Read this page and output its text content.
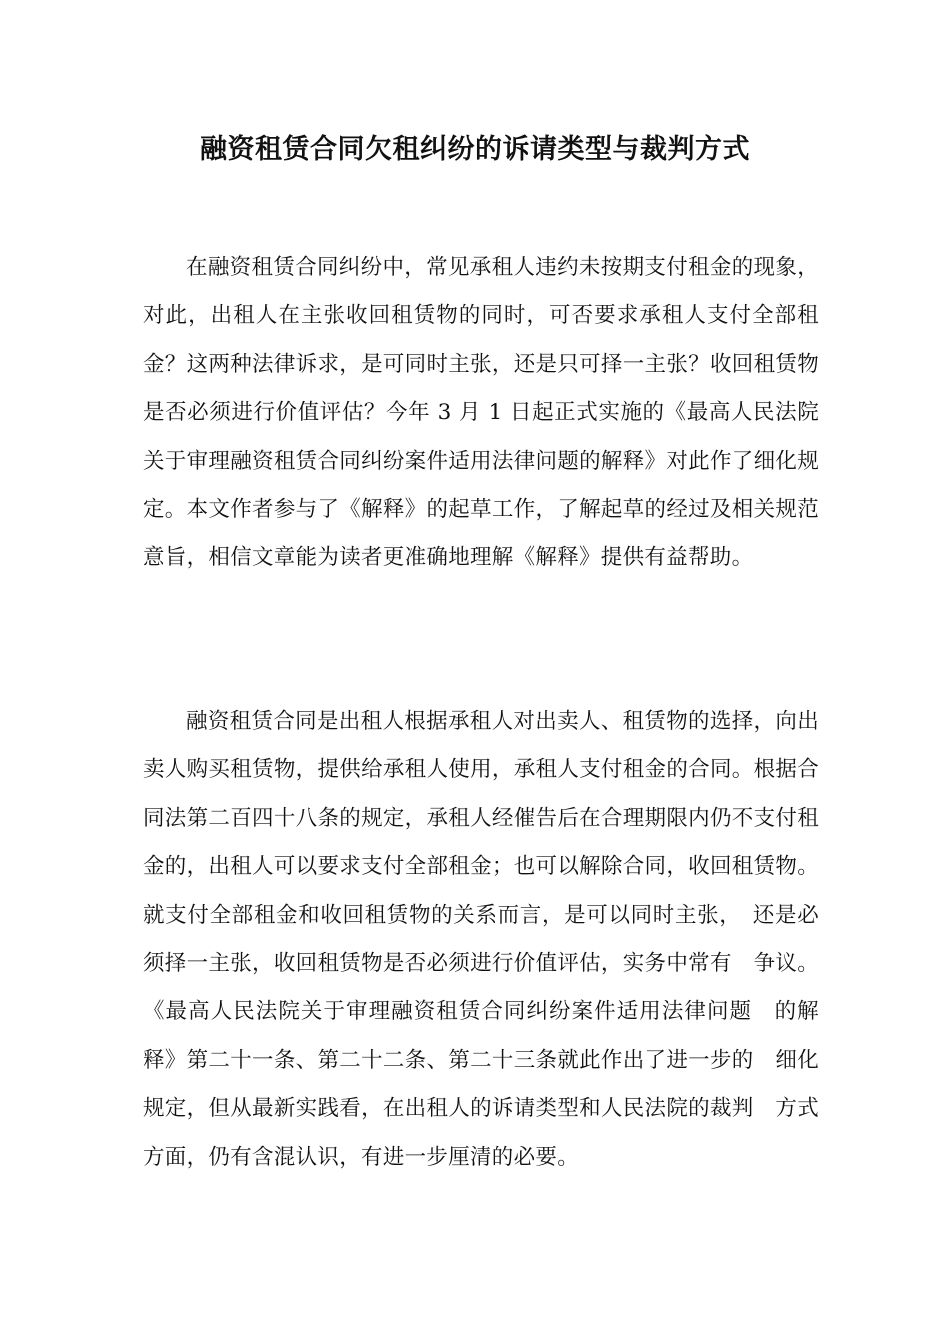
融资租赁合同欠租纠纷的诉请类型与裁判方式

在融资租赁合同纠纷中，常见承租人违约未按期支付租金的现象，对此，出租人在主张收回租赁物的同时，可否要求承租人支付全部租金？这两种法律诉求，是可同时主张，还是只可择一主张？收回租赁物是否必须进行价值评估？今年 3 月 1 日起正式实施的《最高人民法院关于审理融资租赁合同纠纷案件适用法律问题的解释》对此作了细化规定。本文作者参与了《解释》的起草工作，了解起草的经过及相关规范意旨，相信文章能为读者更准确地理解《解释》提供有益帮助。

融资租赁合同是出租人根据承租人对出卖人、租赁物的选择，向出卖人购买租赁物，提供给承租人使用，承租人支付租金的合同。根据合同法第二百四十八条的规定，承租人经催告后在合理期限内仍不支付租金的，出租人可以要求支付全部租金；也可以解除合同，收回租赁物。就支付全部租金和收回租赁物的关系而言，是可以同时主张，　还是必须择一主张，收回租赁物是否必须进行价值评估，实务中常有　争议。《最高人民法院关于审理融资租赁合同纠纷案件适用法律问题　的解释》第二十一条、第二十二条、第二十三条就此作出了进一步的　细化规定，但从最新实践看，在出租人的诉请类型和人民法院的裁判　方式方面，仍有含混认识，有进一步厘清的必要。
